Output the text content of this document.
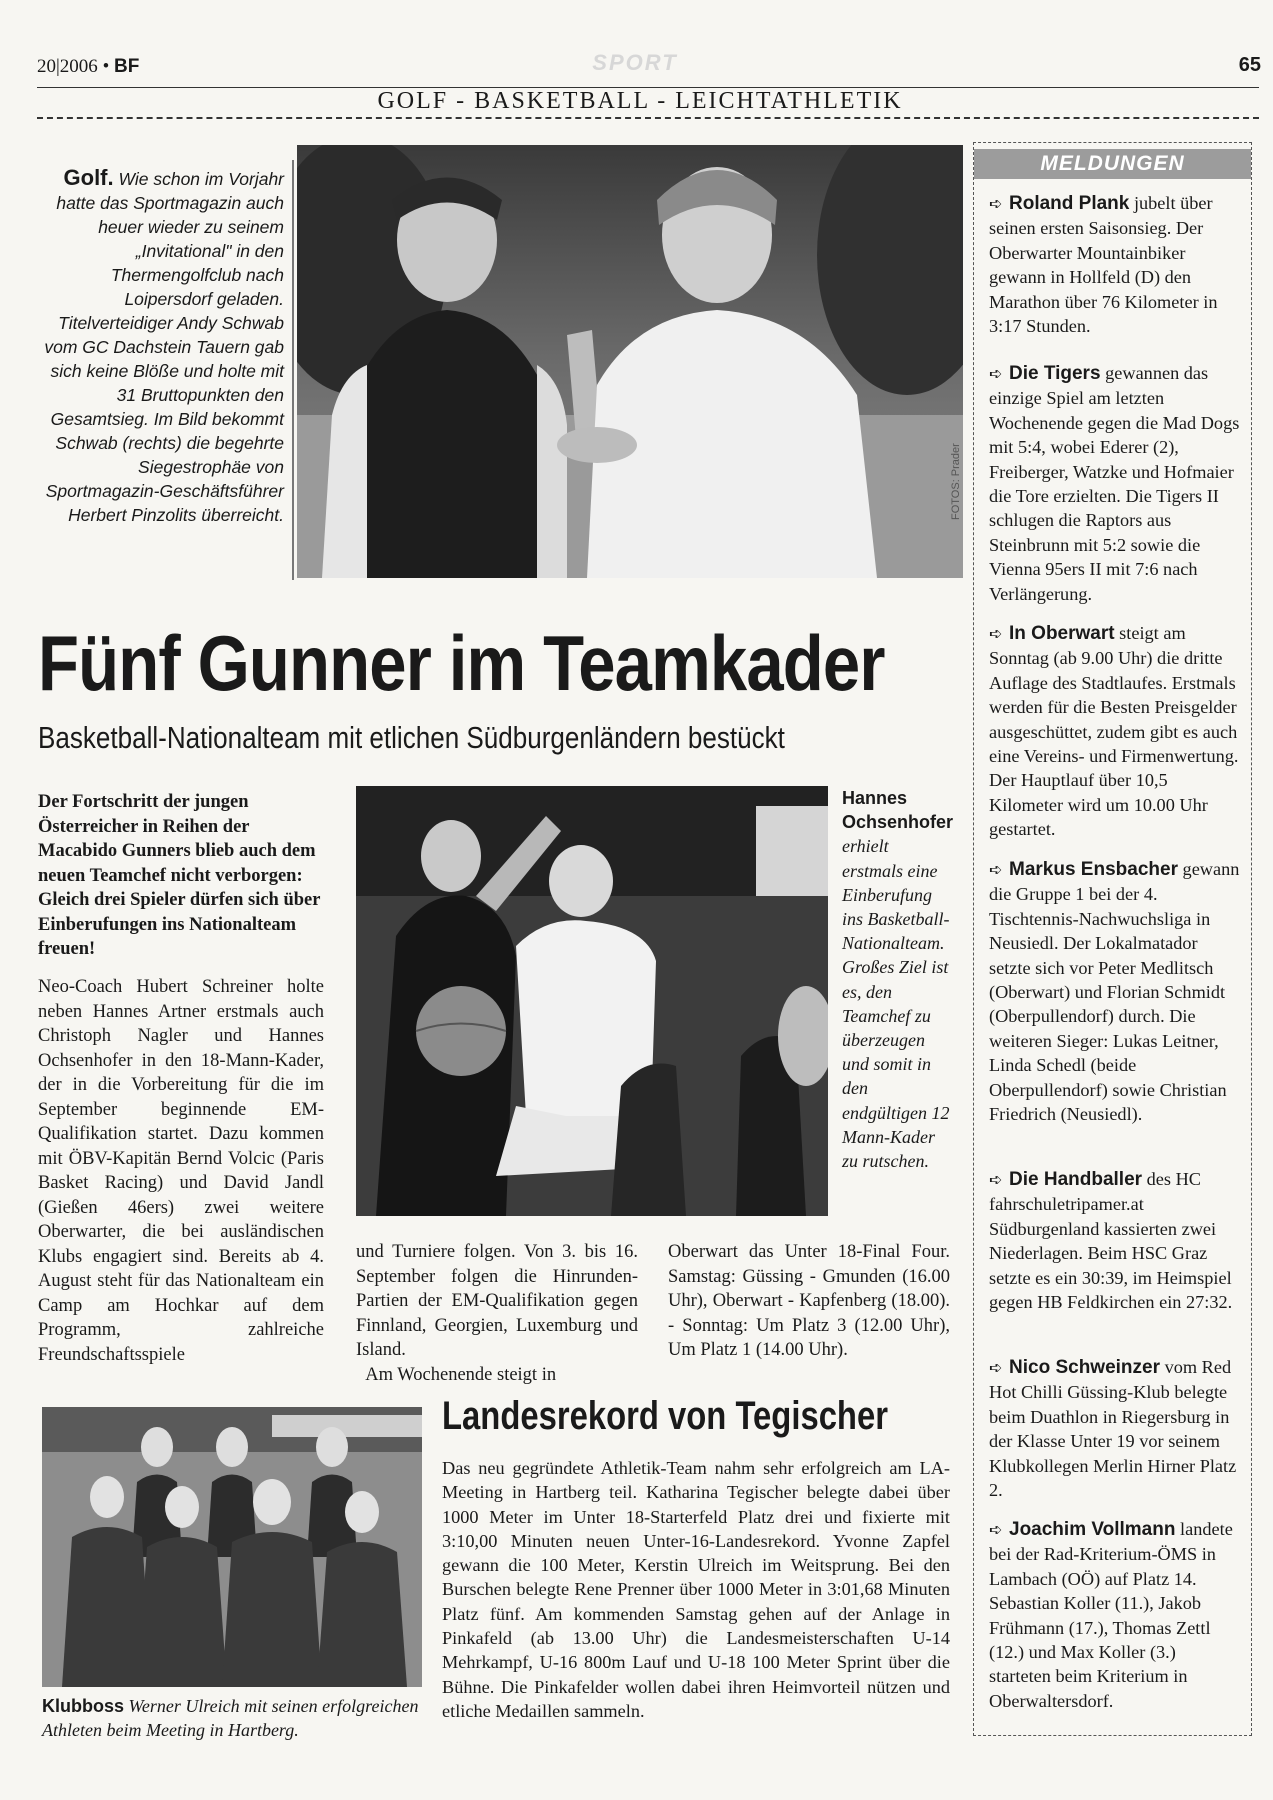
20|2006 • BF	SPORT	65
GOLF - BASKETBALL - LEICHTATHLETIK
Golf. Wie schon im Vorjahr hatte das Sportmagazin auch heuer wieder zu seinem „Invitational" in den Thermengolfclub nach Loipersdorf geladen. Titelverteidiger Andy Schwab vom GC Dachstein Tauern gab sich keine Blöße und holte mit 31 Bruttopunkten den Gesamtsieg. Im Bild bekommt Schwab (rechts) die begehrte Siegestrophäe von Sportmagazin-Geschäftsführer Herbert Pinzolits überreicht.	FOTOS: Prader
Fünf Gunner im Teamkader
Basketball-Nationalteam mit etlichen Südburgenländern bestückt
Der Fortschritt der jungen Österreicher in Reihen der Macabido Gunners blieb auch dem neuen Teamchef nicht verborgen: Gleich drei Spieler dürfen sich über Einberufungen ins Nationalteam freuen!
Neo-Coach Hubert Schreiner holte neben Hannes Artner erstmals auch Christoph Nagler und Hannes Ochsenhofer in den 18-Mann-Kader, der in die Vorbereitung für die im September beginnende EM-Qualifikation startet. Dazu kommen mit ÖBV-Kapitän Bernd Volcic (Paris Basket Racing) und David Jandl (Gießen 46ers) zwei weitere Oberwarter, die bei ausländischen Klubs engagiert sind. Bereits ab 4. August steht für das Nationalteam ein Camp am Hochkar auf dem Programm, zahlreiche Freundschaftsspiele
und Turniere folgen. Von 3. bis 16. September folgen die Hinrunden-Partien der EM-Qualifikation gegen Finnland, Georgien, Luxemburg und Island.
Am Wochenende steigt in
Oberwart das Unter 18-Final Four. Samstag: Güssing - Gmunden (16.00 Uhr), Oberwart - Kapfenberg (18.00). - Sonntag: Um Platz 3 (12.00 Uhr), Um Platz 1 (14.00 Uhr).
Hannes Ochsenhofer erhielt erstmals eine Einberufung ins Basketball-Nationalteam. Großes Ziel ist es, den Teamchef zu überzeugen und somit in den endgültigen 12 Mann-Kader zu rutschen.
Landesrekord von Tegischer
Das neu gegründete Athletik-Team nahm sehr erfolgreich am LA-Meeting in Hartberg teil. Katharina Tegischer belegte dabei über 1000 Meter im Unter 18-Starterfeld Platz drei und fixierte mit 3:10,00 Minuten neuen Unter-16-Landesrekord. Yvonne Zapfel gewann die 100 Meter, Kerstin Ulreich im Weitsprung. Bei den Burschen belegte Rene Prenner über 1000 Meter in 3:01,68 Minuten Platz fünf. Am kommenden Samstag gehen auf der Anlage in Pinkafeld (ab 13.00 Uhr) die Landesmeisterschaften U-14 Mehrkampf, U-16 800m Lauf und U-18 100 Meter Sprint über die Bühne. Die Pinkafelder wollen dabei ihren Heimvorteil nützen und etliche Medaillen sammeln.
Klubboss Werner Ulreich mit seinen erfolgreichen Athleten beim Meeting in Hartberg.
MELDUNGEN
➪ Roland Plank jubelt über seinen ersten Saisonsieg. Der Oberwarter Mountainbiker gewann in Hollfeld (D) den Marathon über 76 Kilometer in 3:17 Stunden.
➪ Die Tigers gewannen das einzige Spiel am letzten Wochenende gegen die Mad Dogs mit 5:4, wobei Ederer (2), Freiberger, Watzke und Hofmaier die Tore erzielten. Die Tigers II schlugen die Raptors aus Steinbrunn mit 5:2 sowie die Vienna 95ers II mit 7:6 nach Verlängerung.
➪ In Oberwart steigt am Sonntag (ab 9.00 Uhr) die dritte Auflage des Stadtlaufes. Erstmals werden für die Besten Preisgelder ausgeschüttet, zudem gibt es auch eine Vereins- und Firmenwertung. Der Hauptlauf über 10,5 Kilometer wird um 10.00 Uhr gestartet.
➪ Markus Ensbacher gewann die Gruppe 1 bei der 4. Tischtennis-Nachwuchsliga in Neusiedl. Der Lokalmatador setzte sich vor Peter Medlitsch (Oberwart) und Florian Schmidt (Oberpullendorf) durch. Die weiteren Sieger: Lukas Leitner, Linda Schedl (beide Oberpullendorf) sowie Christian Friedrich (Neusiedl).
➪ Die Handballer des HC fahrschuletripamer.at Südburgenland kassierten zwei Niederlagen. Beim HSC Graz setzte es ein 30:39, im Heimspiel gegen HB Feldkirchen ein 27:32.
➪ Nico Schweinzer vom Red Hot Chilli Güssing-Klub belegte beim Duathlon in Riegersburg in der Klasse Unter 19 vor seinem Klubkollegen Merlin Hirner Platz 2.
➪ Joachim Vollmann landete bei der Rad-Kriterium-ÖMS in Lambach (OÖ) auf Platz 14. Sebastian Koller (11.), Jakob Frühmann (17.), Thomas Zettl (12.) und Max Koller (3.) starteten beim Kriterium in Oberwaltersdorf.
